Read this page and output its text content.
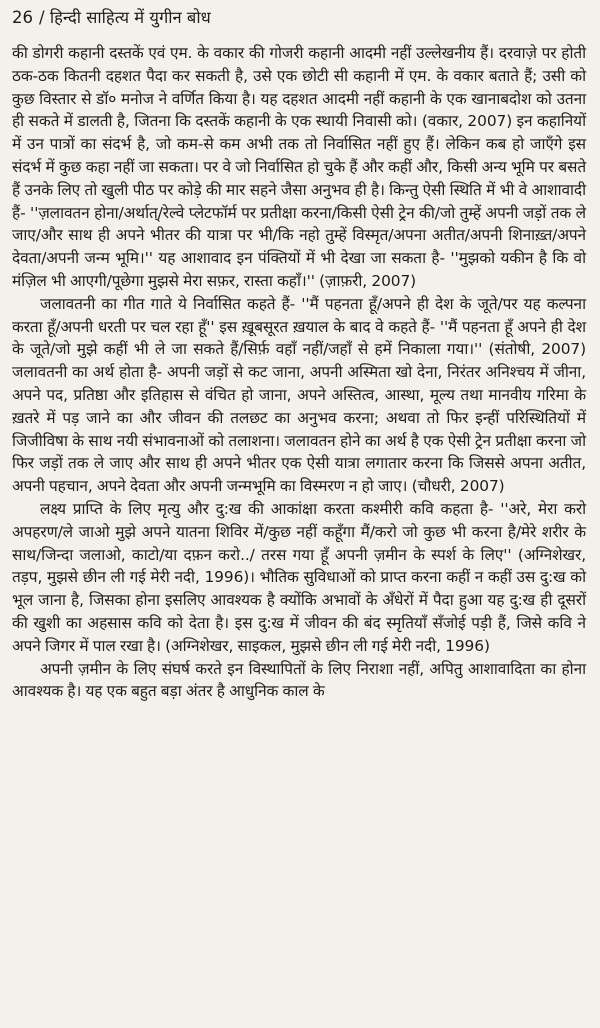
26 / हिन्दी साहित्य में युगीन बोध

की डोगरी कहानी दस्तकें एवं एम. के वकार की गोजरी कहानी आदमी नहीं उल्लेखनीय हैं। दरवाज़े पर होती ठक-ठक कितनी दहशत पैदा कर सकती है, उसे एक छोटी सी कहानी में एम. के वकार बताते हैं; उसी को कुछ विस्तार से डॉ० मनोज ने वर्णित किया है। यह दहशत आदमी नहीं कहानी के एक खानाबदोश को उतना ही सकते में डालती है, जितना कि दस्तकें कहानी के एक स्थायी निवासी को। (वकार, 2007) इन कहानियों में उन पात्रों का संदर्भ है, जो कम-से कम अभी तक तो निर्वासित नहीं हुए हैं। लेकिन कब हो जाएँगे इस संदर्भ में कुछ कहा नहीं जा सकता। पर वे जो निर्वासित हो चुके हैं और कहीं और, किसी अन्य भूमि पर बसते हैं उनके लिए तो खुली पीठ पर कोड़े की मार सहने जैसा अनुभव ही है। किन्तु ऐसी स्थिति में भी वे आशावादी हैं- ''ज़लावतन होना/अर्थात्/रेल्वे प्लेटफॉर्म पर प्रतीक्षा करना/किसी ऐसी ट्रेन की/जो तुम्हें अपनी जड़ों तक ले जाए/और साथ ही अपने भीतर की यात्रा पर भी/कि नहो तुम्हें विस्मृत/अपना अतीत/अपनी शिनाख़्त/अपने देवता/अपनी जन्म भूमि।'' यह आशावाद इन पंक्तियों में भी देखा जा सकता है- ''मुझको यकीन है कि वो मंज़िल भी आएगी/पूछेगा मुझसे मेरा सफ़र, रास्ता कहाँ।'' (ज़ाफ़री, 2007)

जलावतनी का गीत गाते ये निर्वासित कहते हैं- ''मैं पहनता हूँ/अपने ही देश के जूते/पर यह कल्पना करता हूँ/अपनी धरती पर चल रहा हूँ'' इस ख़ूबसूरत ख़याल के बाद वे कहते हैं- ''मैं पहनता हूँ अपने ही देश के जूते/जो मुझे कहीं भी ले जा सकते हैं/सिर्फ़ वहाँ नहीं/जहाँ से हमें निकाला गया।'' (संतोषी, 2007) जलावतनी का अर्थ होता है- अपनी जड़ों से कट जाना, अपनी अस्मिता खो देना, निरंतर अनिश्चय में जीना, अपने पद, प्रतिष्ठा और इतिहास से वंचित हो जाना, अपने अस्तित्व, आस्था, मूल्य तथा मानवीय गरिमा के ख़तरे में पड़ जाने का और जीवन की तलछट का अनुभव करना; अथवा तो फिर इन्हीं परिस्थितियों में जिजीविषा के साथ नयी संभावनाओं को तलाशना। जलावतन होने का अर्थ है एक ऐसी ट्रेन प्रतीक्षा करना जो फिर जड़ों तक ले जाए और साथ ही अपने भीतर एक ऐसी यात्रा लगातार करना कि जिससे अपना अतीत, अपनी पहचान, अपने देवता और अपनी जन्मभूमि का विस्मरण न हो जाए। (चौधरी, 2007)

लक्ष्य प्राप्ति के लिए मृत्यु और दु:ख की आकांक्षा करता कश्मीरी कवि कहता है- ''अरे, मेरा करो अपहरण/ले जाओ मुझे अपने यातना शिविर में/कुछ नहीं कहूँगा मैं/करो जो कुछ भी करना है/मेरे शरीर के साथ/जिन्दा जलाओ, काटो/या दफ़न करो../ तरस गया हूँ अपनी ज़मीन के स्पर्श के लिए'' (अग्निशेखर, तड़प, मुझसे छीन ली गई मेरी नदी, 1996)। भौतिक सुविधाओं को प्राप्त करना कहीं न कहीं उस दु:ख को भूल जाना है, जिसका होना इसलिए आवश्यक है क्योंकि अभावों के अँधेरों में पैदा हुआ यह दु:ख ही दूसरों की खुशी का अहसास कवि को देता है। इस दु:ख में जीवन की बंद स्मृतियाँ सँजोई पड़ी हैं, जिसे कवि ने अपने जिगर में पाल रखा है। (अग्निशेखर, साइकल, मुझसे छीन ली गई मेरी नदी, 1996)

अपनी ज़मीन के लिए संघर्ष करते इन विस्थापितों के लिए निराशा नहीं, अपितु आशावादिता का होना आवश्यक है। यह एक बहुत बड़ा अंतर है आधुनिक काल के
